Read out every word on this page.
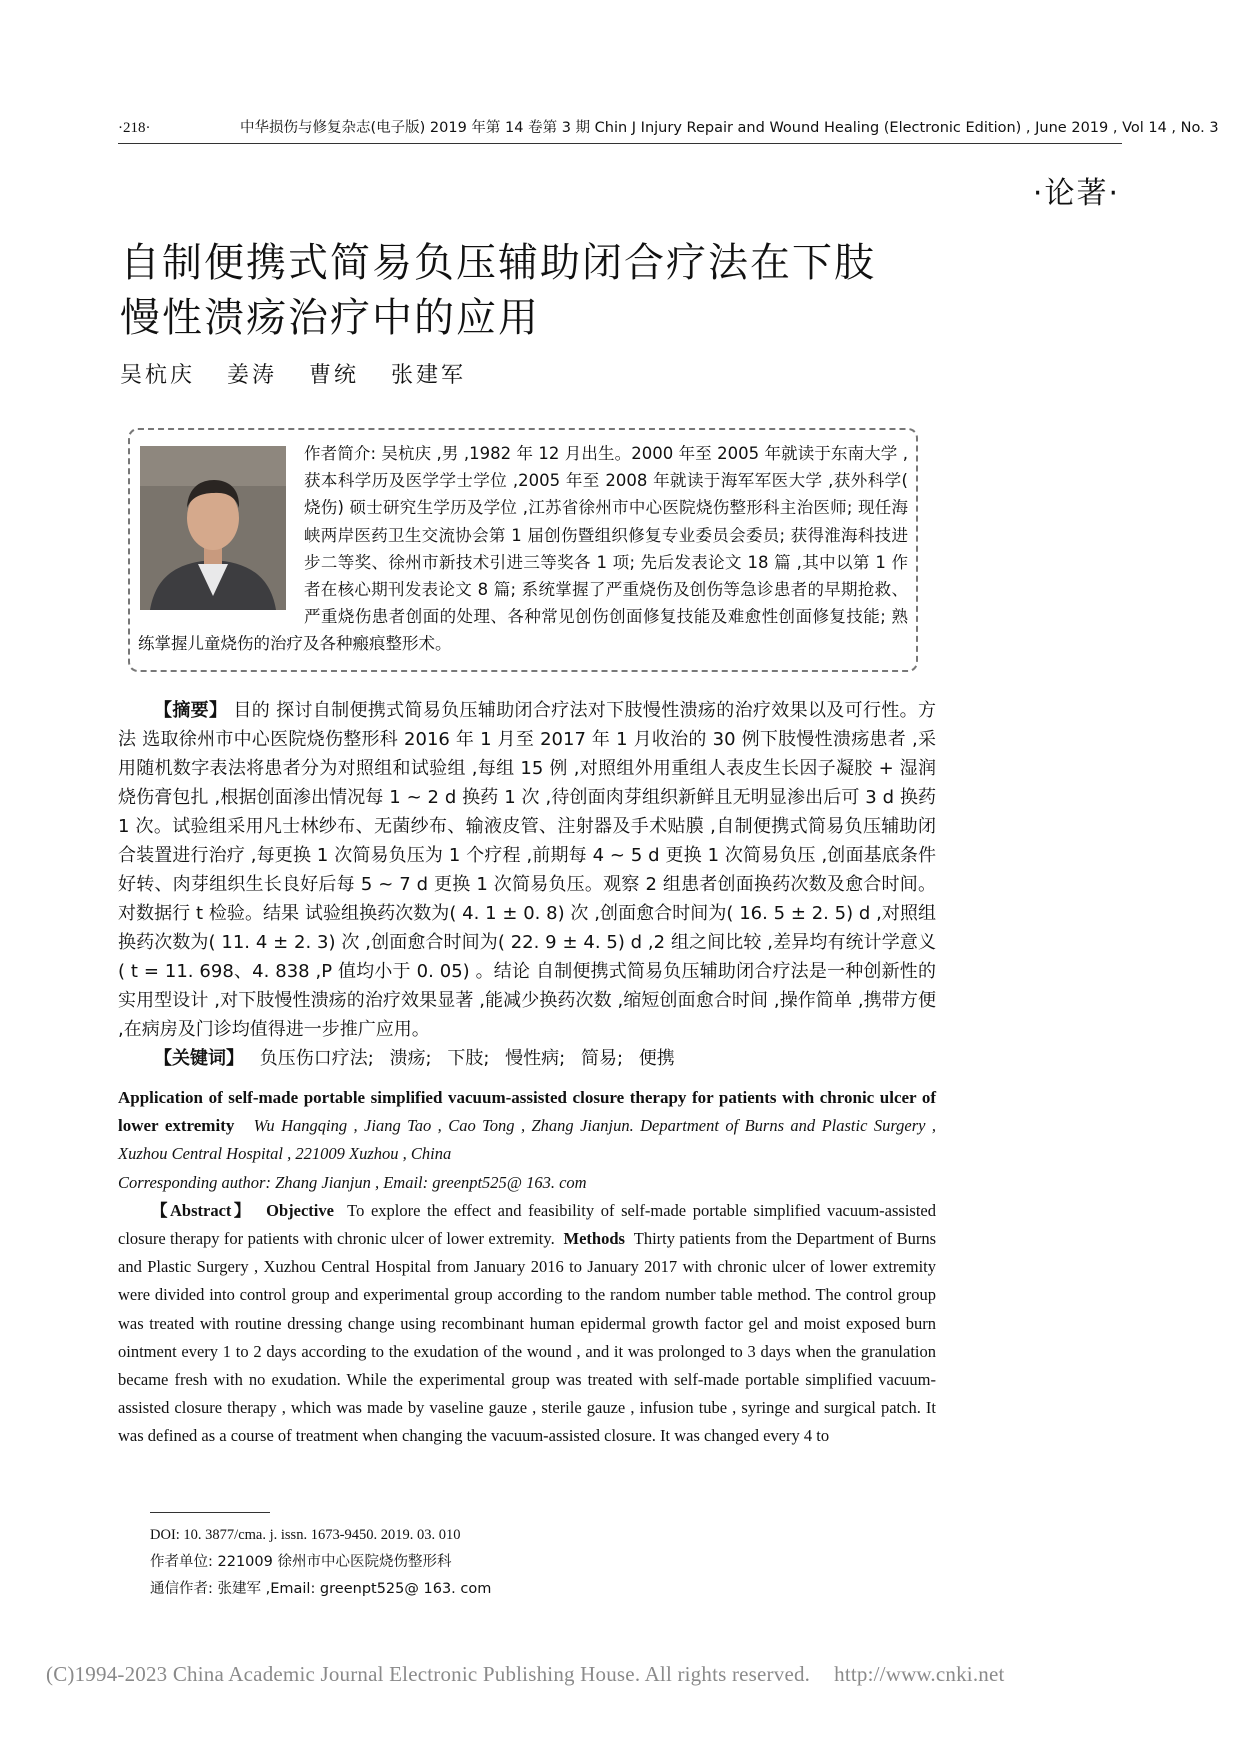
·218·	中华损伤与修复杂志(电子版) 2019 年第 14 卷第 3 期 Chin J Injury Repair and Wound Healing (Electronic Edition) , June 2019 , Vol 14 , No. 3
·论著·
自制便携式简易负压辅助闭合疗法在下肢
慢性溃疡治疗中的应用
吴杭庆 姜涛 曹统 张建军
作者简介: 吴杭庆 ,男 ,1982 年 12 月出生。2000 年至 2005 年就读于东南大学 ,获本科学历及医学学士学位 ,2005 年至 2008 年就读于海军军医大学 ,获外科学( 烧伤) 硕士研究生学历及学位 ,江苏省徐州市中心医院烧伤整形科主治医师; 现任海峡两岸医药卫生交流协会第 1 届创伤暨组织修复专业委员会委员; 获得淮海科技进步二等奖、徐州市新技术引进三等奖各 1 项; 先后发表论文 18 篇 ,其中以第 1 作者在核心期刊发表论文 8 篇; 系统掌握了严重烧伤及创伤等急诊患者的早期抢救、严重烧伤患者创面的处理、各种常见创伤创面修复技能及难愈性创面修复技能; 熟练掌握儿童烧伤的治疗及各种瘢痕整形术。
【摘要】 目的 探讨自制便携式简易负压辅助闭合疗法对下肢慢性溃疡的治疗效果以及可行性。方法 选取徐州市中心医院烧伤整形科 2016 年 1 月至 2017 年 1 月收治的 30 例下肢慢性溃疡患者 ,采用随机数字表法将患者分为对照组和试验组 ,每组 15 例 ,对照组外用重组人表皮生长因子凝胶 + 湿润烧伤膏包扎 ,根据创面渗出情况每 1 ~ 2 d 换药 1 次 ,待创面肉芽组织新鲜且无明显渗出后可 3 d 换药 1 次。试验组采用凡士林纱布、无菌纱布、输液皮管、注射器及手术贴膜 ,自制便携式简易负压辅助闭合装置进行治疗 ,每更换 1 次简易负压为 1 个疗程 ,前期每 4 ~ 5 d 更换 1 次简易负压 ,创面基底条件好转、肉芽组织生长良好后每 5 ~ 7 d 更换 1 次简易负压。观察 2 组患者创面换药次数及愈合时间。对数据行 t 检验。结果 试验组换药次数为( 4. 1 ± 0. 8) 次 ,创面愈合时间为( 16. 5 ± 2. 5) d ,对照组换药次数为( 11. 4 ± 2. 3) 次 ,创面愈合时间为( 22. 9 ± 4. 5) d ,2 组之间比较 ,差异均有统计学意义( t = 11. 698、4. 838 ,P 值均小于 0. 05) 。结论 自制便携式简易负压辅助闭合疗法是一种创新性的实用型设计 ,对下肢慢性溃疡的治疗效果显著 ,能减少换药次数 ,缩短创面愈合时间 ,操作简单 ,携带方便 ,在病房及门诊均值得进一步推广应用。
【关键词】 负压伤口疗法; 溃疡; 下肢; 慢性病; 简易; 便携
Application of self-made portable simplified vacuum-assisted closure therapy for patients with chronic ulcer of lower extremity Wu Hangqing , Jiang Tao , Cao Tong , Zhang Jianjun. Department of Burns and Plastic Surgery , Xuzhou Central Hospital , 221009 Xuzhou , China
Corresponding author: Zhang Jianjun , Email: greenpt525@ 163. com
【Abstract】 Objective To explore the effect and feasibility of self-made portable simplified vacuum-assisted closure therapy for patients with chronic ulcer of lower extremity. Methods Thirty patients from the Department of Burns and Plastic Surgery , Xuzhou Central Hospital from January 2016 to January 2017 with chronic ulcer of lower extremity were divided into control group and experimental group according to the random number table method. The control group was treated with routine dressing change using recombinant human epidermal growth factor gel and moist exposed burn ointment every 1 to 2 days according to the exudation of the wound , and it was prolonged to 3 days when the granulation became fresh with no exudation. While the experimental group was treated with self-made portable simplified vacuum-assisted closure therapy , which was made by vaseline gauze , sterile gauze , infusion tube , syringe and surgical patch. It was defined as a course of treatment when changing the vacuum-assisted closure. It was changed every 4 to
DOI: 10. 3877/cma. j. issn. 1673-9450. 2019. 03. 010
作者单位: 221009 徐州市中心医院烧伤整形科
通信作者: 张建军 ,Email: greenpt525@ 163. com
(C)1994-2023 China Academic Journal Electronic Publishing House. All rights reserved. http://www.cnki.net
